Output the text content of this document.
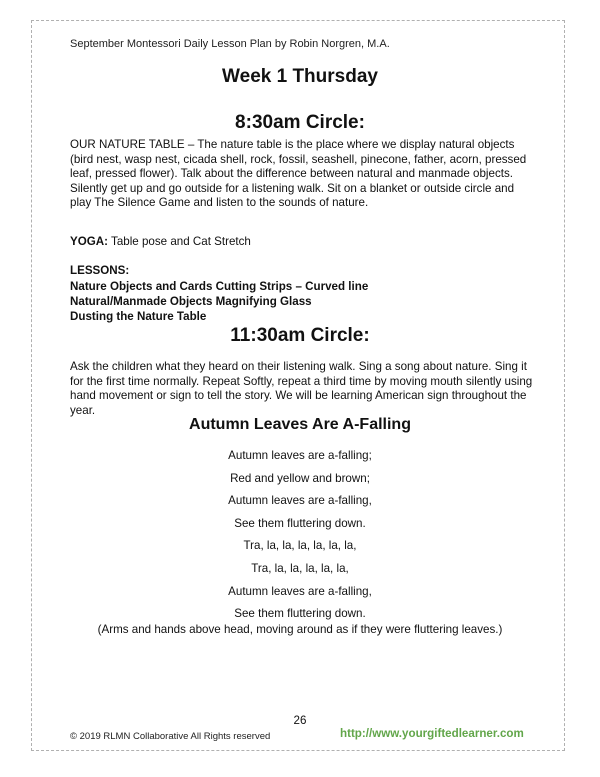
September Montessori Daily Lesson Plan by Robin Norgren, M.A.
Week 1 Thursday
8:30am Circle:

OUR NATURE TABLE – The nature table is the place where we display natural objects (bird nest, wasp nest, cicada shell, rock, fossil, seashell, pinecone, father, acorn, pressed leaf, pressed flower). Talk about the difference between natural and manmade objects. Silently get up and go outside for a listening walk. Sit on a blanket or outside circle and play The Silence Game and listen to the sounds of nature.

YOGA: Table pose and Cat Stretch
LESSONS:
Nature Objects and Cards Cutting Strips – Curved line
Natural/Manmade Objects Magnifying Glass
Dusting the Nature Table
11:30am Circle:

Ask the children what they heard on their listening walk. Sing a song about nature. Sing it for the first time normally. Repeat Softly, repeat a third time by moving mouth silently using hand movement or sign to tell the story. We will be learning American sign throughout the year.

Autumn Leaves Are A-Falling
Autumn leaves are a-falling;
Red and yellow and brown;
Autumn leaves are a-falling,
See them fluttering down.
Tra, la, la, la, la, la, la,
Tra, la, la, la, la, la,
Autumn leaves are a-falling,
See them fluttering down.
(Arms and hands above head, moving around as if they were fluttering leaves.)
26
© 2019 RLMN Collaborative All Rights reserved	http://www.yourgiftedlearner.com
